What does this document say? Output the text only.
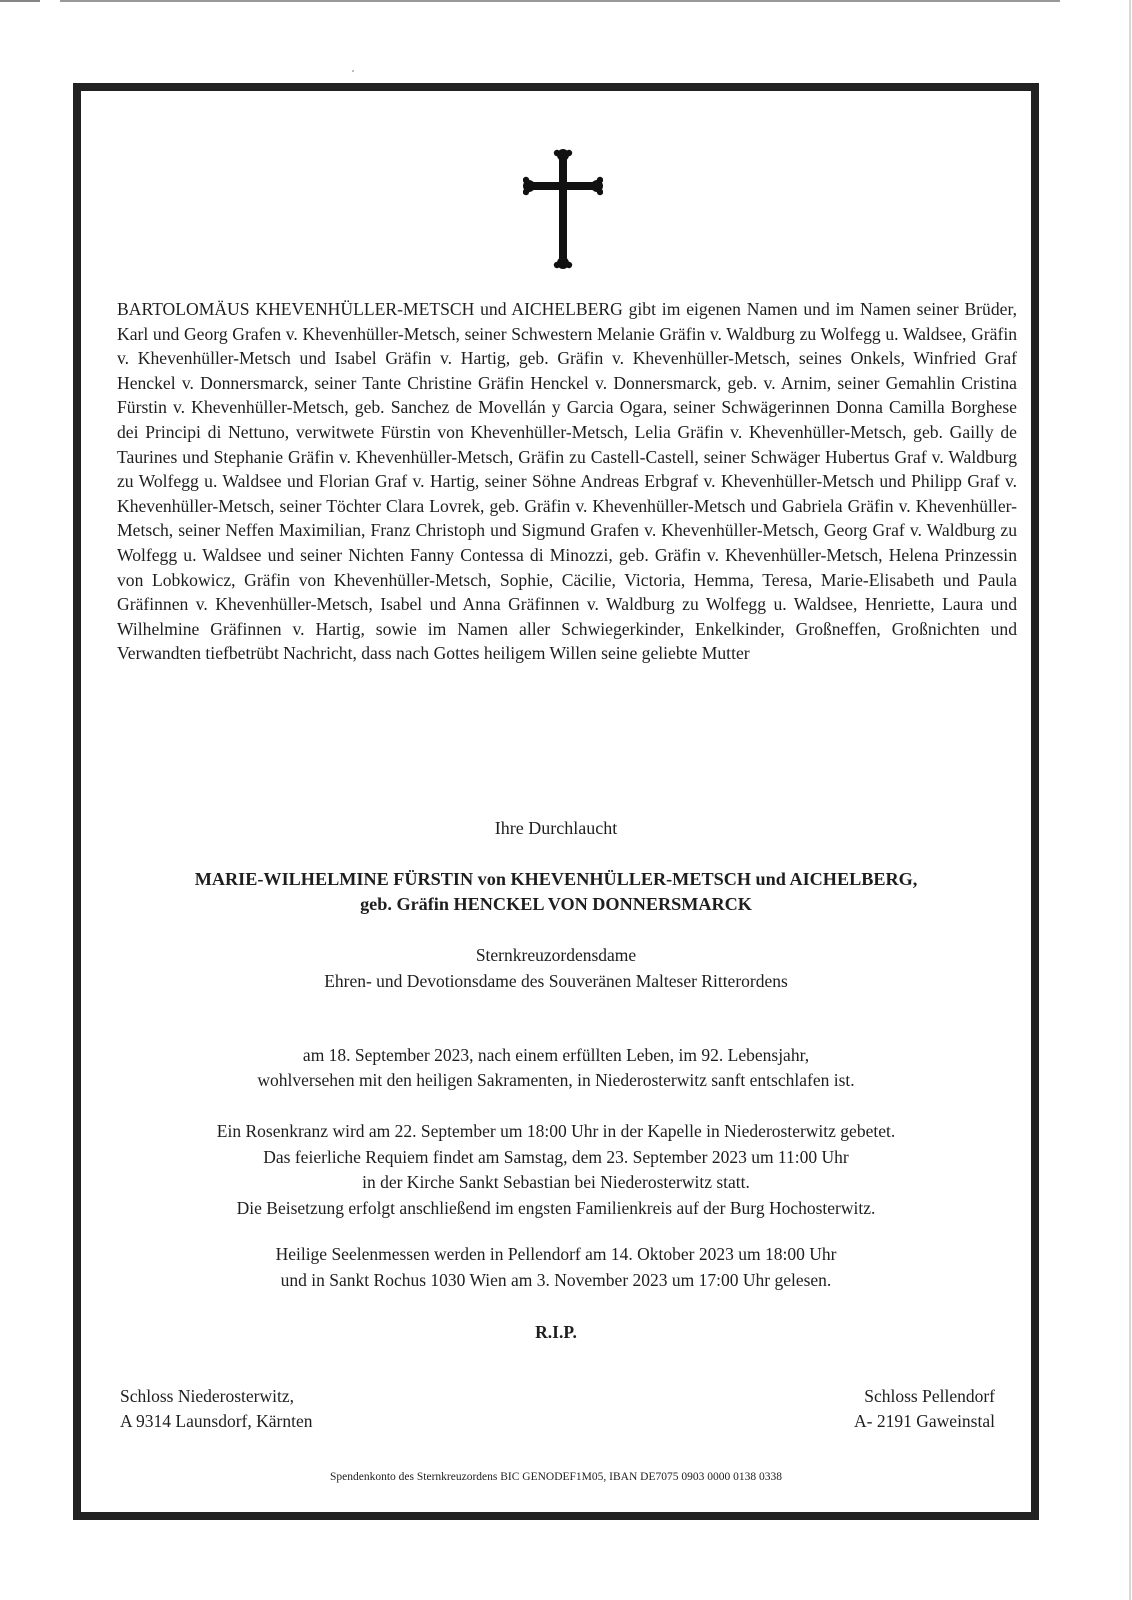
BARTOLOMÄUS KHEVENHÜLLER-METSCH und AICHELBERG gibt im eigenen Namen und im Namen seiner Brüder, Karl und Georg Grafen v. Khevenhüller-Metsch, seiner Schwestern Melanie Gräfin v. Waldburg zu Wolfegg u. Waldsee, Gräfin v. Khevenhüller-Metsch und Isabel Gräfin v. Hartig, geb. Gräfin v. Khevenhüller-Metsch, seines Onkels, Winfried Graf Henckel v. Donnersmarck, seiner Tante Christine Gräfin Henckel v. Donnersmarck, geb. v. Arnim, seiner Gemahlin Cristina Fürstin v. Khevenhüller-Metsch, geb. Sanchez de Movellán y Garcia Ogara, seiner Schwägerinnen Donna Camilla Borghese dei Principi di Nettuno, verwitwete Fürstin von Khevenhüller-Metsch, Lelia Gräfin v. Khevenhüller-Metsch, geb. Gailly de Taurines und Stephanie Gräfin v. Khevenhüller-Metsch, Gräfin zu Castell-Castell, seiner Schwäger Hubertus Graf v. Waldburg zu Wolfegg u. Waldsee und Florian Graf v. Hartig, seiner Söhne Andreas Erbgraf v. Khevenhüller-Metsch und Philipp Graf v. Khevenhüller-Metsch, seiner Töchter Clara Lovrek, geb. Gräfin v. Khevenhüller-Metsch und Gabriela Gräfin v. Khevenhüller-Metsch, seiner Neffen Maximilian, Franz Christoph und Sigmund Grafen v. Khevenhüller-Metsch, Georg Graf v. Waldburg zu Wolfegg u. Waldsee und seiner Nichten Fanny Contessa di Minozzi, geb. Gräfin v. Khevenhüller-Metsch, Helena Prinzessin von Lobkowicz, Gräfin von Khevenhüller-Metsch, Sophie, Cäcilie, Victoria, Hemma, Teresa, Marie-Elisabeth und Paula Gräfinnen v. Khevenhüller-Metsch, Isabel und Anna Gräfinnen v. Waldburg zu Wolfegg u. Waldsee, Henriette, Laura und Wilhelmine Gräfinnen v. Hartig, sowie im Namen aller Schwiegerkinder, Enkelkinder, Großneffen, Großnichten und Verwandten tiefbetrübt Nachricht, dass nach Gottes heiligem Willen seine geliebte Mutter
Ihre Durchlaucht
MARIE-WILHELMINE FÜRSTIN von KHEVENHÜLLER-METSCH und AICHELBERG,
geb. Gräfin HENCKEL VON DONNERSMARCK
Sternkreuzordensdame
Ehren- und Devotionsdame des Souveränen Malteser Ritterordens
am 18. September 2023, nach einem erfüllten Leben, im 92. Lebensjahr,
wohlversehen mit den heiligen Sakramenten, in Niederosterwitz sanft entschlafen ist.
Ein Rosenkranz wird am 22. September um 18:00 Uhr in der Kapelle in Niederosterwitz gebetet.
Das feierliche Requiem findet am Samstag, dem 23. September 2023 um 11:00 Uhr
in der Kirche Sankt Sebastian bei Niederosterwitz statt.
Die Beisetzung erfolgt anschließend im engsten Familienkreis auf der Burg Hochosterwitz.
Heilige Seelenmessen werden in Pellendorf am 14. Oktober 2023 um 18:00 Uhr
und in Sankt Rochus 1030 Wien am 3. November 2023 um 17:00 Uhr gelesen.
R.I.P.
Schloss Niederosterwitz,
A 9314 Launsdorf, Kärnten
Schloss Pellendorf
A- 2191 Gaweinstal
Spendenkonto des Sternkreuzordens BIC GENODEF1M05, IBAN DE7075 0903 0000 0138 0338
